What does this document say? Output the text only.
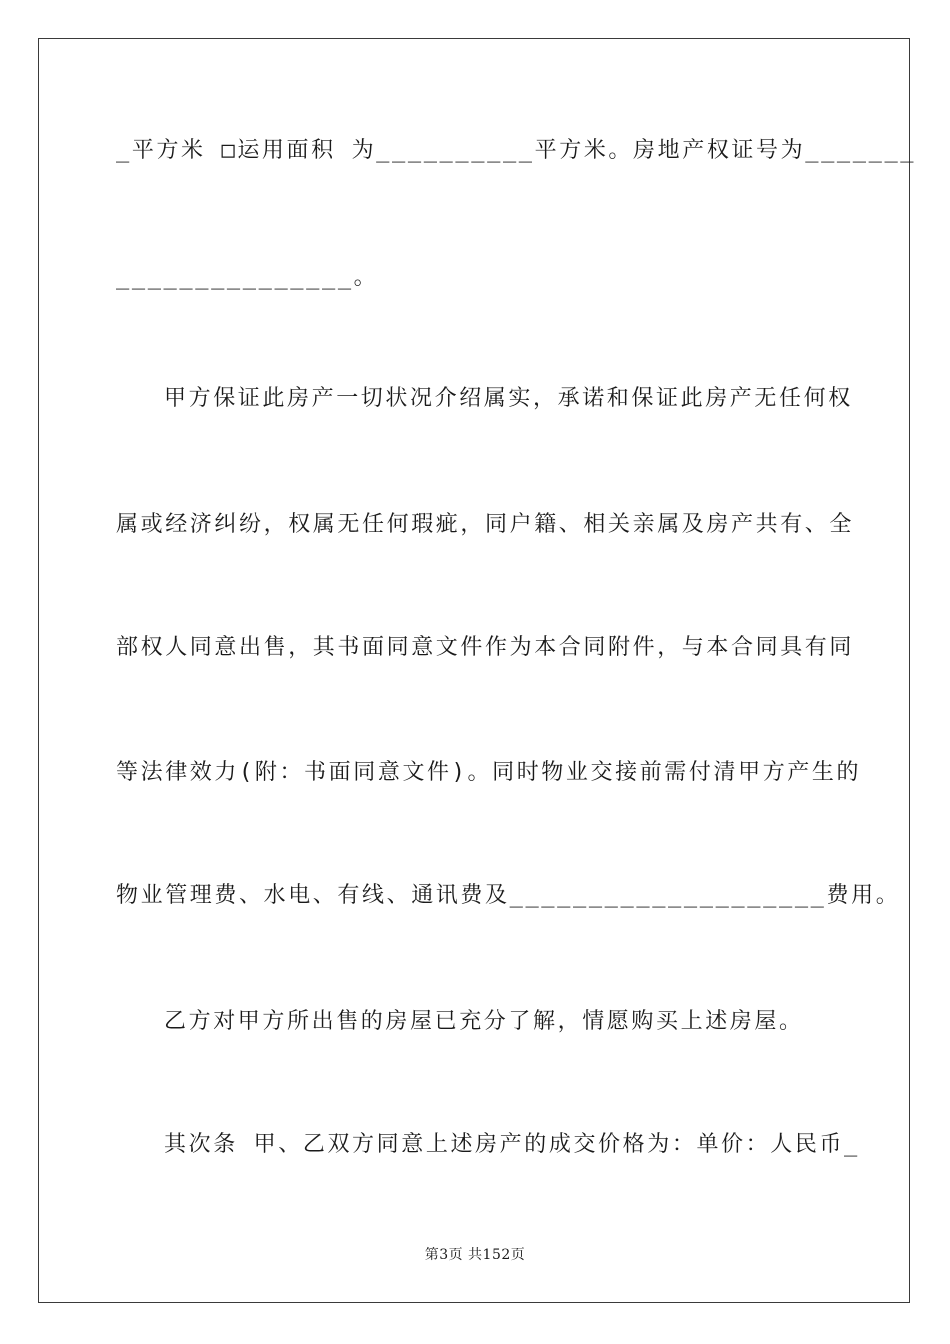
_平方米 □运用面积 为__________平方米。房地产权证号为_______
_______________。
甲方保证此房产一切状况介绍属实，承诺和保证此房产无任何权
属或经济纠纷，权属无任何瑕疵，同户籍、相关亲属及房产共有、全
部权人同意出售，其书面同意文件作为本合同附件，与本合同具有同
等法律效力(附：书面同意文件)。同时物业交接前需付清甲方产生的
物业管理费、水电、有线、通讯费及____________________费用。
乙方对甲方所出售的房屋已充分了解，情愿购买上述房屋。
其次条 甲、乙双方同意上述房产的成交价格为：单价：人民币_
第3页 共152页
